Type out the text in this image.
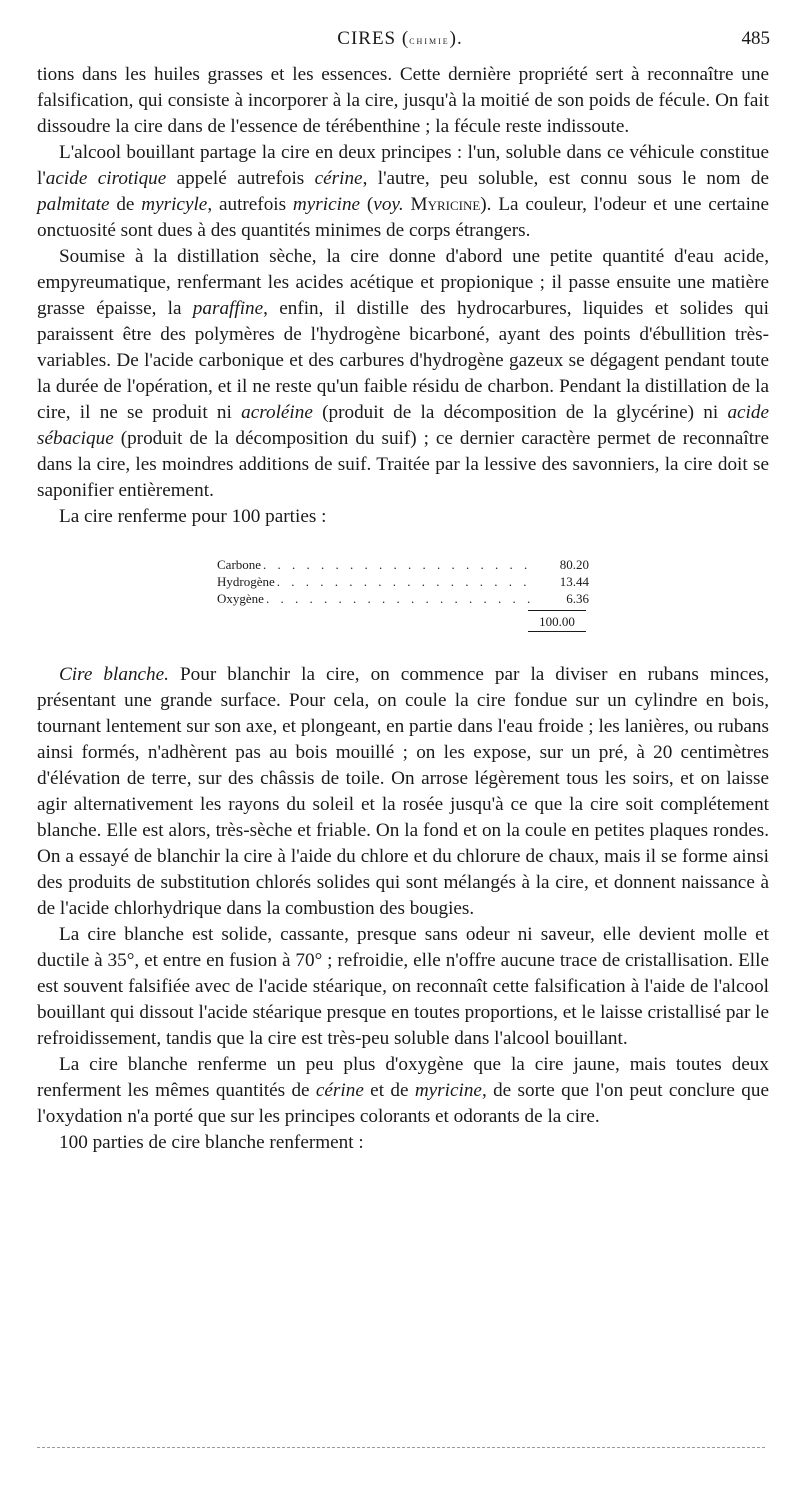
CIRES (chimie).	485

tions dans les huiles grasses et les essences. Cette dernière propriété sert à reconnaître une falsification, qui consiste à incorporer à la cire, jusqu'à la moitié de son poids de fécule. On fait dissoudre la cire dans de l'essence de térébenthine ; la fécule reste indissoute.

L'alcool bouillant partage la cire en deux principes : l'un, soluble dans ce véhicule constitue l'acide cirotique appelé autrefois cérine, l'autre, peu soluble, est connu sous le nom de palmitate de myricyle, autrefois myricine (voy. Myricine). La couleur, l'odeur et une certaine onctuosité sont dues à des quantités minimes de corps étrangers.

Soumise à la distillation sèche, la cire donne d'abord une petite quantité d'eau acide, empyreumatique, renfermant les acides acétique et propionique ; il passe ensuite une matière grasse épaisse, la paraffine, enfin, il distille des hydrocarbures, liquides et solides qui paraissent être des polymères de l'hydrogène bicarboné, ayant des points d'ébullition très-variables. De l'acide carbonique et des carbures d'hydrogène gazeux se dégagent pendant toute la durée de l'opération, et il ne reste qu'un faible résidu de charbon. Pendant la distillation de la cire, il ne se produit ni acroléine (produit de la décomposition de la glycérine) ni acide sébacique (produit de la décomposition du suif) ; ce dernier caractère permet de reconnaître dans la cire, les moindres additions de suif. Traitée par la lessive des savonniers, la cire doit se saponifier entièrement.

La cire renferme pour 100 parties :

Carbone . . .	80.20
Hydrogène . . .	13.44
Oxygène . . .	6.36
100.00

Cire blanche. Pour blanchir la cire, on commence par la diviser en rubans minces, présentant une grande surface. Pour cela, on coule la cire fondue sur un cylindre en bois, tournant lentement sur son axe, et plongeant, en partie dans l'eau froide ; les lanières, ou rubans ainsi formés, n'adhèrent pas au bois mouillé ; on les expose, sur un pré, à 20 centimètres d'élévation de terre, sur des châssis de toile. On arrose légèrement tous les soirs, et on laisse agir alternativement les rayons du soleil et la rosée jusqu'à ce que la cire soit complétement blanche. Elle est alors, très-sèche et friable. On la fond et on la coule en petites plaques rondes. On a essayé de blanchir la cire à l'aide du chlore et du chlorure de chaux, mais il se forme ainsi des produits de substitution chlorés solides qui sont mélangés à la cire, et donnent naissance à de l'acide chlorhydrique dans la combustion des bougies.

La cire blanche est solide, cassante, presque sans odeur ni saveur, elle devient molle et ductile à 35°, et entre en fusion à 70° ; refroidie, elle n'offre aucune trace de cristallisation. Elle est souvent falsifiée avec de l'acide stéarique, on reconnaît cette falsification à l'aide de l'alcool bouillant qui dissout l'acide stéarique presque en toutes proportions, et le laisse cristallisé par le refroidissement, tandis que la cire est très-peu soluble dans l'alcool bouillant.

La cire blanche renferme un peu plus d'oxygène que la cire jaune, mais toutes deux renferment les mêmes quantités de cérine et de myricine, de sorte que l'on peut conclure que l'oxydation n'a porté que sur les principes colorants et odorants de la cire.

100 parties de cire blanche renferment :
